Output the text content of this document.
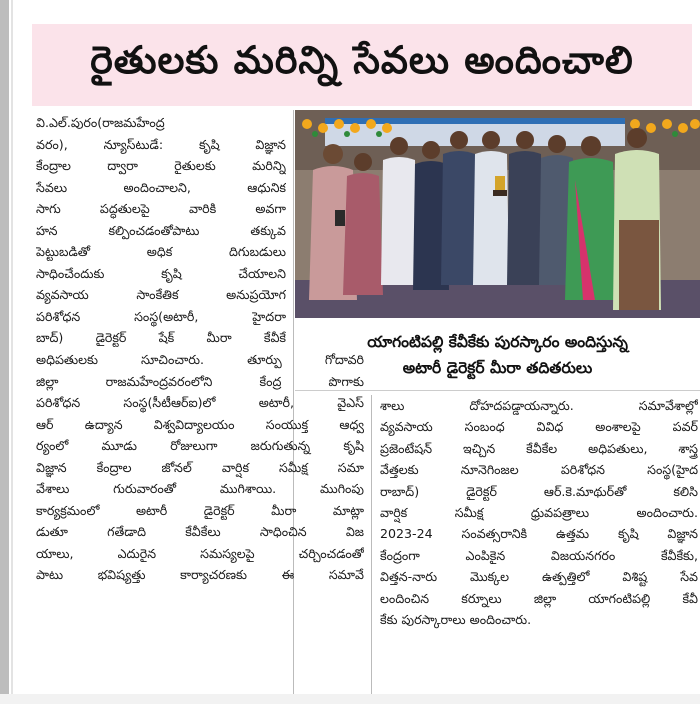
రైతులకు మరిన్ని సేవలు అందించాలి
యాగంటిపల్లి కేవీకేకు పురస్కారం అందిస్తున్న
అటారీ డైరెక్టర్ మీరా తదితరులు
వి.ఎల్.పురం(రాజమహేంద్ర
వరం), న్యూస్‌టుడే: కృషి విజ్ఞాన
కేంద్రాల ద్వారా రైతులకు మరిన్ని
సేవలు అందించాలని, ఆధునిక
సాగు పద్ధతులపై వారికి అవగా
హన కల్పించడంతోపాటు తక్కువ
పెట్టుబడితో అధిక దిగుబడులు
సాధించేందుకు కృషి చేయాలని
వ్యవసాయ సాంకేతిక అనుప్రయోగ
పరిశోధన సంస్థ(అటారీ, హైదరా
బాద్) డైరెక్టర్ షేక్ మీరా కేవీకే
అధిపతులకు సూచించారు. తూర్పు గోదావరి
జిల్లా రాజమహేంద్రవరంలోని కేంద్ర పొగాకు
పరిశోధన సంస్థ(సీటీఆర్‌ఐ)లో అటారీ, వైఎస్
ఆర్ ఉద్యాన విశ్వవిద్యాలయం సంయుక్త ఆధ్వ
ర్యంలో మూడు రోజులుగా జరుగుతున్న కృషి
విజ్ఞాన కేంద్రాల జోనల్ వార్షిక సమీక్ష సమా
వేశాలు గురువారంతో ముగిశాయి. ముగింపు
కార్యక్రమంలో అటారీ డైరెక్టర్ మీరా మాట్లా
డుతూ గతేడాది కేవీకేలు సాధించిన విజ
యాలు, ఎదురైన సమస్యలపై చర్చించడంతో
పాటు భవిష్యత్తు కార్యాచరణకు ఈ సమావే
శాలు దోహదపడ్డాయన్నారు. సమావేశాల్లో
వ్యవసాయ సంబంధ వివిధ అంశాలపై పవర్
ప్రజెంటేషన్ ఇచ్చిన కేవీకేల అధిపతులు, శాస్త్ర
వేత్తలకు నూనెగింజల పరిశోధన సంస్థ(హైద
రాబాద్) డైరెక్టర్ ఆర్.కె.మాథుర్‌తో కలిసి
వార్షిక సమీక్ష ధ్రువపత్రాలు అందించారు.
2023-24 సంవత్సరానికి ఉత్తమ కృషి విజ్ఞాన
కేంద్రంగా ఎంపికైన విజయనగరం కేవీకేకు,
విత్తన-నారు మొక్కల ఉత్పత్తిలో విశిష్ట సేవ
లందించిన కర్నూలు జిల్లా యాగంటిపల్లి కేవీ
కేకు పురస్కారాలు అందించారు.
